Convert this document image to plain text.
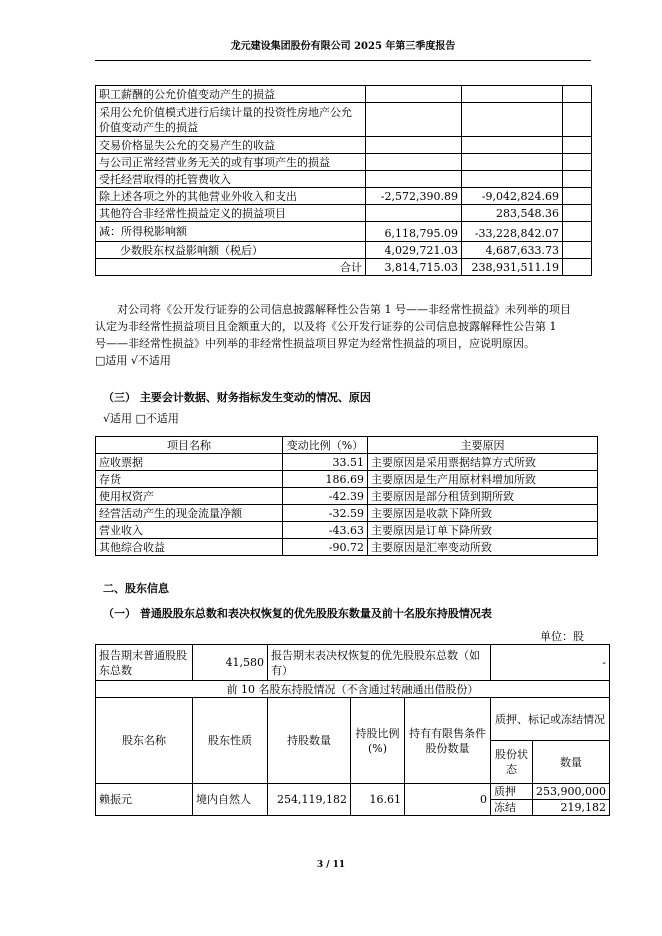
龙元建设集团股份有限公司 2025 年第三季度报告
职工薪酬的公允价值变动产生的损益			
采用公允价值模式进行后续计量的投资性房地产公允价值变动产生的损益			
交易价格显失公允的交易产生的收益			
与公司正常经营业务无关的或有事项产生的损益			
受托经营取得的托管费收入			
除上述各项之外的其他营业外收入和支出	-2,572,390.89	-9,042,824.69	
其他符合非经常性损益定义的损益项目		283,548.36	
减：所得税影响额	6,118,795.09	-33,228,842.07	
少数股东权益影响额（税后）	4,029,721.03	4,687,633.73	
合计	3,814,715.03	238,931,511.19	
对公司将《公开发行证券的公司信息披露解释性公告第 1 号——非经常性损益》未列举的项目
认定为非经常性损益项目且金额重大的，以及将《公开发行证券的公司信息披露解释性公告第 1
号——非经常性损益》中列举的非经常性损益项目界定为经常性损益的项目，应说明原因。
□适用 √不适用
（三） 主要会计数据、财务指标发生变动的情况、原因
√适用 □不适用
项目名称	变动比例（%）	主要原因
应收票据	33.51	主要原因是采用票据结算方式所致
存货	186.69	主要原因是生产用原材料增加所致
使用权资产	-42.39	主要原因是部分租赁到期所致
经营活动产生的现金流量净额	-32.59	主要原因是收款下降所致
营业收入	-43.63	主要原因是订单下降所致
其他综合收益	-90.72	主要原因是汇率变动所致
二、股东信息
（一） 普通股股东总数和表决权恢复的优先股股东数量及前十名股东持股情况表
单位：股
报告期末普通股股东总数	41,580	报告期末表决权恢复的优先股股东总数（如有）			-	
前 10 名股东持股情况（不含通过转融通出借股份）						
股东名称	股东性质	持股数量	持股比例(%)	持有有限售条件股份数量	质押、标记或冻结情况	
					股份状态	数量
赖振元	境内自然人	254,119,182	16.61	0	质押	253,900,000
					冻结	219,182
3 / 11
